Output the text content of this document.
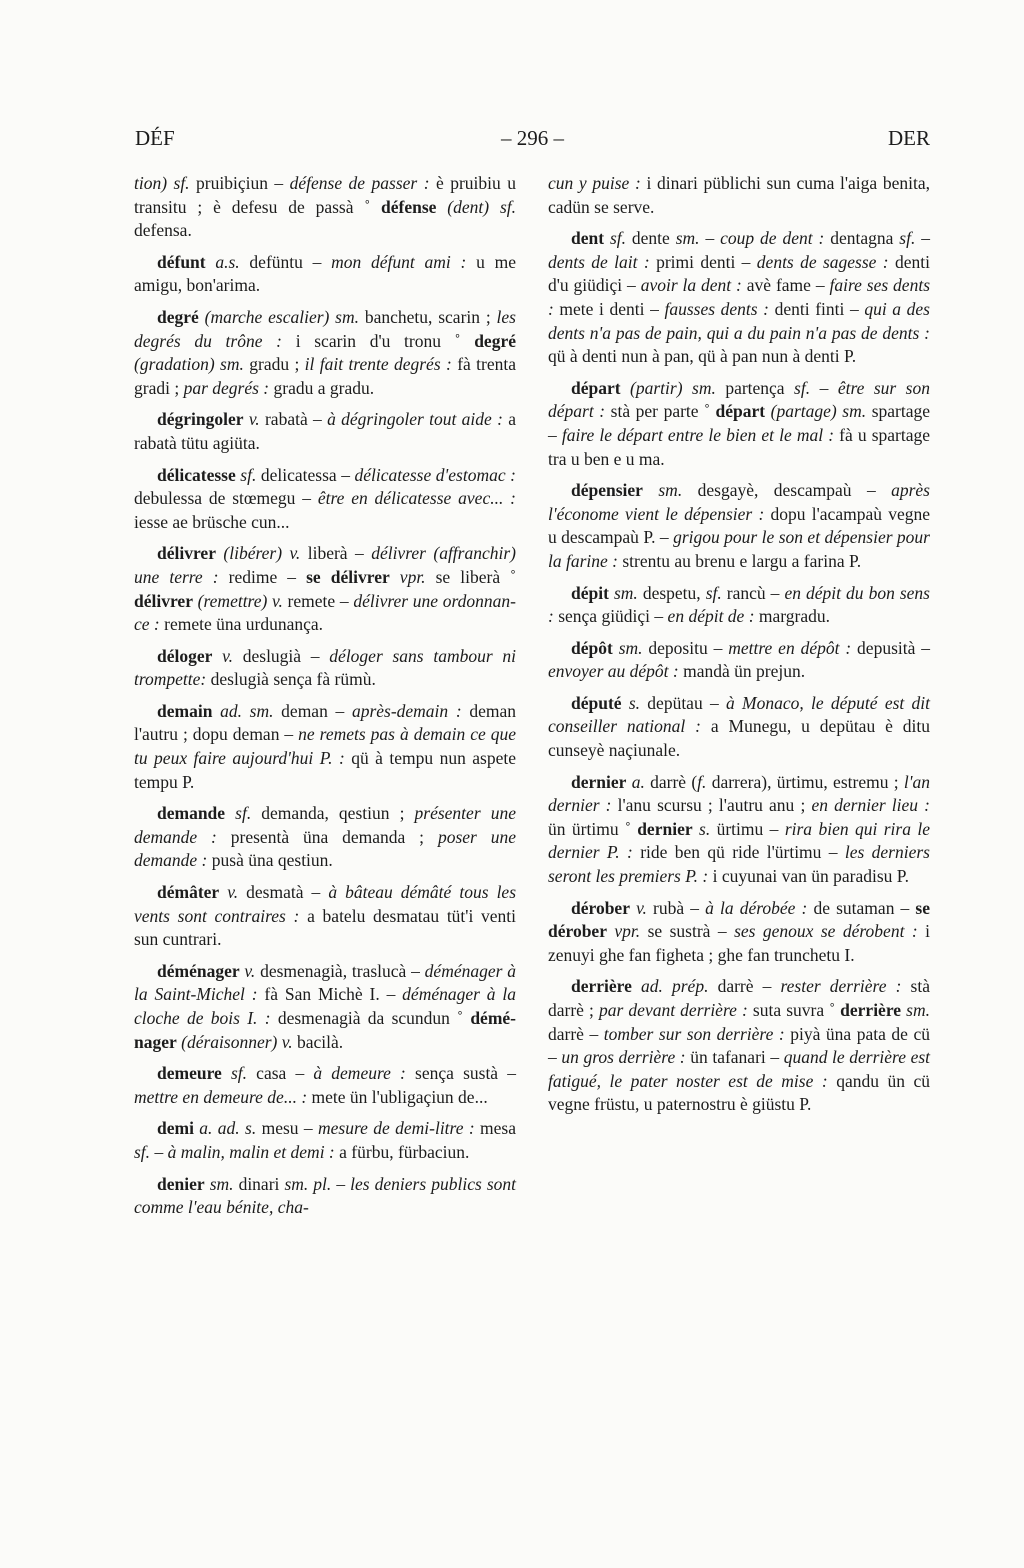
DÉF	– 296 –	DER

tion) sf. pruibiçiun – défense de passer : è pruibiu u transitu ; è defesu de passà ˚ défense (dent) sf. defensa.

défunt a.s. defüntu – mon défunt ami : u me amigu, bon'arima.

degré (marche escalier) sm. banchetu, scarin ; les degrés du trône : i scarin d'u tronu ˚ degré (gradation) sm. gradu ; il fait trente degrés : fà trenta gradi ; par degrés : gradu a gradu.

dégringoler v. rabatà – à dégringoler tout aide : a rabatà tütu agiüta.

délicatesse sf. delicatessa – délicatesse d'estomac : debulessa de stœmegu – être en délicatesse avec... : iesse ae brüsche cun...

délivrer (libérer) v. liberà – délivrer (affranchir) une terre : redime – se délivrer vpr. se liberà ˚ délivrer (remettre) v. remete – délivrer une ordonnance : remete üna urdunança.

déloger v. deslugià – déloger sans tambour ni trompette: deslugià sença fà rümù.

demain ad. sm. deman – après-demain : deman l'autru ; dopu deman – ne remets pas à demain ce que tu peux faire aujourd'hui P. : qü à tempu nun aspete tempu P.

demande sf. demanda, qestiun ; présenter une demande : presentà üna demanda ; poser une demande : pusà üna qestiun.

démâter v. desmatà – à bâteau démâté tous les vents sont contraires : a batelu desmatau tüt'i venti sun cuntrari.

déménager v. desmenagià, traslucà – déménager à la Saint-Michel : fà San Michè I. – déménager à la cloche de bois I. : desmenagià da scundun ˚ déménager (déraisonner) v. bacilà.

demeure sf. casa – à demeure : sença sustà – mettre en demeure de... : mete ün l'ubligaçiun de...

demi a. ad. s. mesu – mesure de demi-litre : mesa sf. – à malin, malin et demi : a fürbu, fürbaciun.

denier sm. dinari sm. pl. – les deniers publics sont comme l'eau bénite, cha-

cun y puise : i dinari püblichi sun cuma l'aiga benita, cadün se serve.

dent sf. dente sm. – coup de dent : dentagna sf. – dents de lait : primi denti – dents de sagesse : denti d'u giüdiçi – avoir la dent : avè fame – faire ses dents : mete i denti – fausses dents : denti finti – qui a des dents n'a pas de pain, qui a du pain n'a pas de dents : qü à denti nun à pan, qü à pan nun à denti P.

départ (partir) sm. partença sf. – être sur son départ : stà per parte ˚ départ (partage) sm. spartage – faire le départ entre le bien et le mal : fà u spartage tra u ben e u ma.

dépensier sm. desgayè, descampaù – après l'économe vient le dépensier : dopu l'acampaù vegne u descampaù P. – grigou pour le son et dépensier pour la farine : strentu au brenu e largu a farina P.

dépit sm. despetu, sf. rancù – en dépit du bon sens : sença giüdiçi – en dépit de : margradu.

dépôt sm. depositu – mettre en dépôt : depusità – envoyer au dépôt : mandà ün prejun.

député s. depütau – à Monaco, le député est dit conseiller national : a Munegu, u depütau è ditu cunseyè naçiunale.

dernier a. darrè (f. darrera), ürtimu, estremu ; l'an dernier : l'anu scursu ; l'autru anu ; en dernier lieu : ün ürtimu ˚ dernier s. ürtimu – rira bien qui rira le dernier P. : ride ben qü ride l'ürtimu – les derniers seront les premiers P. : i cuyunai van ün paradisu P.

dérober v. rubà – à la dérobée : de sutaman – se dérober vpr. se sustrà – ses genoux se dérobent : i zenuyi ghe fan figheta ; ghe fan trunchetu I.

derrière ad. prép. darrè – rester derrière : stà darrè ; par devant derrière : suta suvra ˚ derrière sm. darrè – tomber sur son derrière : piyà üna pata de cü – un gros derrière : ün tafanari – quand le derrière est fatigué, le pater noster est de mise : qandu ün cü vegne früstu, u paternostru è giüstu P.
